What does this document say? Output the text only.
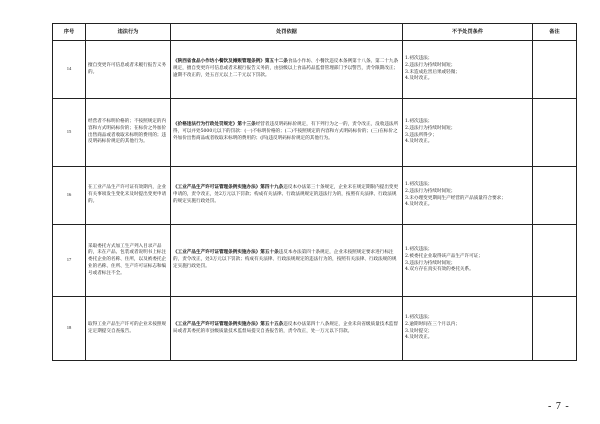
序号	违法行为	处罚依据	不予处罚条件	备注
14	擅自变更许可信息或者未履行报告义务的。	《陕西省食品小作坊小餐饮及摊贩管理条例》第五十二条食品小作坊、小餐饮违反本条例第十八条、第二十九条规定，擅自变更许可信息或者未履行报告义务的，由县级以上食品药品监督管理部门予以警告，责令限期改正；逾期不改正的，处五百元以上二千元以下罚款。	1.初次违法；
2.违法行为持续时间短；
3.未造成危害后果或轻微；
4.及时改正。	

15	经营者不标明价格的；不按照规定的内容和方式明码标价的；在标价之外加价出售商品或者收取未标明的费用的；违反明码标价规定的其他行为。	《价格违法行为行政处罚规定》第十三条经营者违反明码标价规定，有下列行为之一的，责令改正，没收违法所得，可以并处5000元以下的罚款：(一)不标明价格的；(二)不按照规定的内容和方式明码标价的；(三)在标价之外加价出售商品或者收取未标明的费用的；(四)违反明码标价规定的其他行为。	1.初次违法；
2.违法行为持续时间短；
3.违法所得少；
4.及时改正。	

16	在工业产品生产许可证有效期内，企业有关事项发生变化未及时提出变更申请的。	《工业产品生产许可证管理条例实施办法》第四十九条违反本办法第三十条规定，企业未在规定期限内提出变更申请的，责令改正，处2万元以下罚款；构成有关法律、行政法规规定的违法行为的，按照有关法律、行政法规的规定实施行政处罚。	1.初次违法；
2.违法行为持续时间短；
3.未办理变更期间生产经营的产品质量符合要求；
4.及时改正。	

17	采取委托方式加工生产列入目录产品的，未在产品、包装或者说明书上标注委托企业的名称、住所，以及被委托企业的名称、住所、生产许可证标志和编号或者标注不全。	《工业产品生产许可证管理条例实施办法》第五十条违反本办法第四十条规定，企业未按照规定要求进行标注的，责令改正，处3万元以下罚款；构成有关法律、行政法规规定的违法行为的，按照有关法律、行政法规的规定实施行政处罚。	1.初次违法；
2.被委托企业取得该产品生产许可证；
3.违法行为持续时间短；
4.双方存在真实有效的委托关系。	

18	取得工业产品生产许可的企业未按照规定定期提交自查报告。	《工业产品生产许可证管理条例实施办法》第五十五条违反本办法第四十八条规定，企业未向省级质量技术监督局或者其委托的市县级质量技术监督局提交自查报告的，责令改正，处一万元以下罚款。	1.初次违法；
2.逾期时间在三个月以内；
3.及时提交；
4.及时改正。	

- 7 -
